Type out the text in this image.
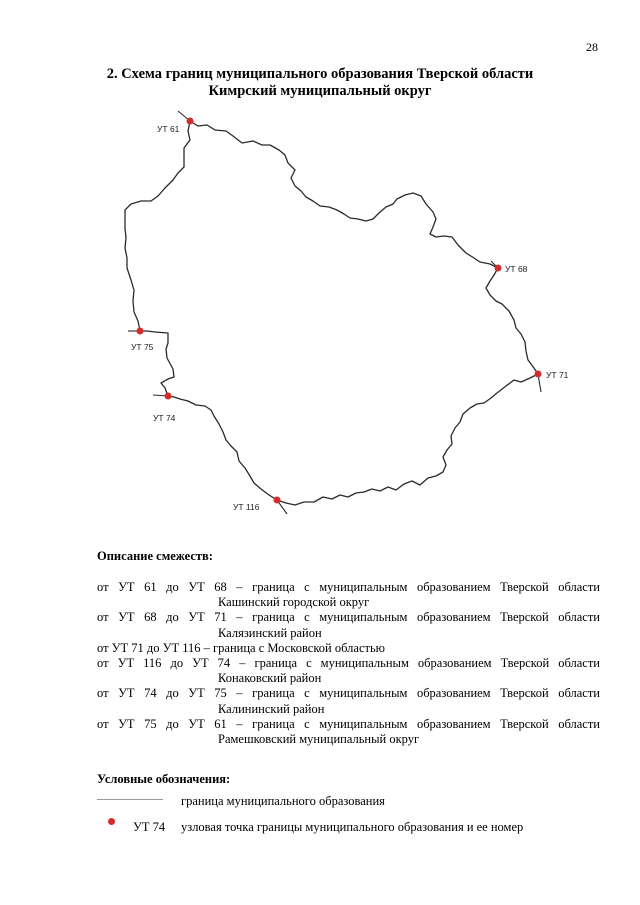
28
2. Схема границ муниципального образования Тверской области
Кимрский муниципальный округ
УТ 61
УТ 68
УТ 71
УТ 116
УТ 74
УТ 75
Описание смежеств:
от УТ 61 до УТ 68 – граница с муниципальным образованием Тверской области
Кашинский городской округ
от УТ 68 до УТ 71 – граница с муниципальным образованием Тверской области
Калязинский район
от УТ 71 до УТ 116 – граница с Московской областью
от УТ 116 до УТ 74 – граница с муниципальным образованием Тверской области
Конаковский район
от УТ 74 до УТ 75 – граница с муниципальным образованием Тверской области
Калининский район
от УТ 75 до УТ 61 – граница с муниципальным образованием Тверской области
Рамешковский муниципальный округ
Условные обозначения:
граница муниципального образования
УТ 74 узловая точка границы муниципального образования и ее номер
